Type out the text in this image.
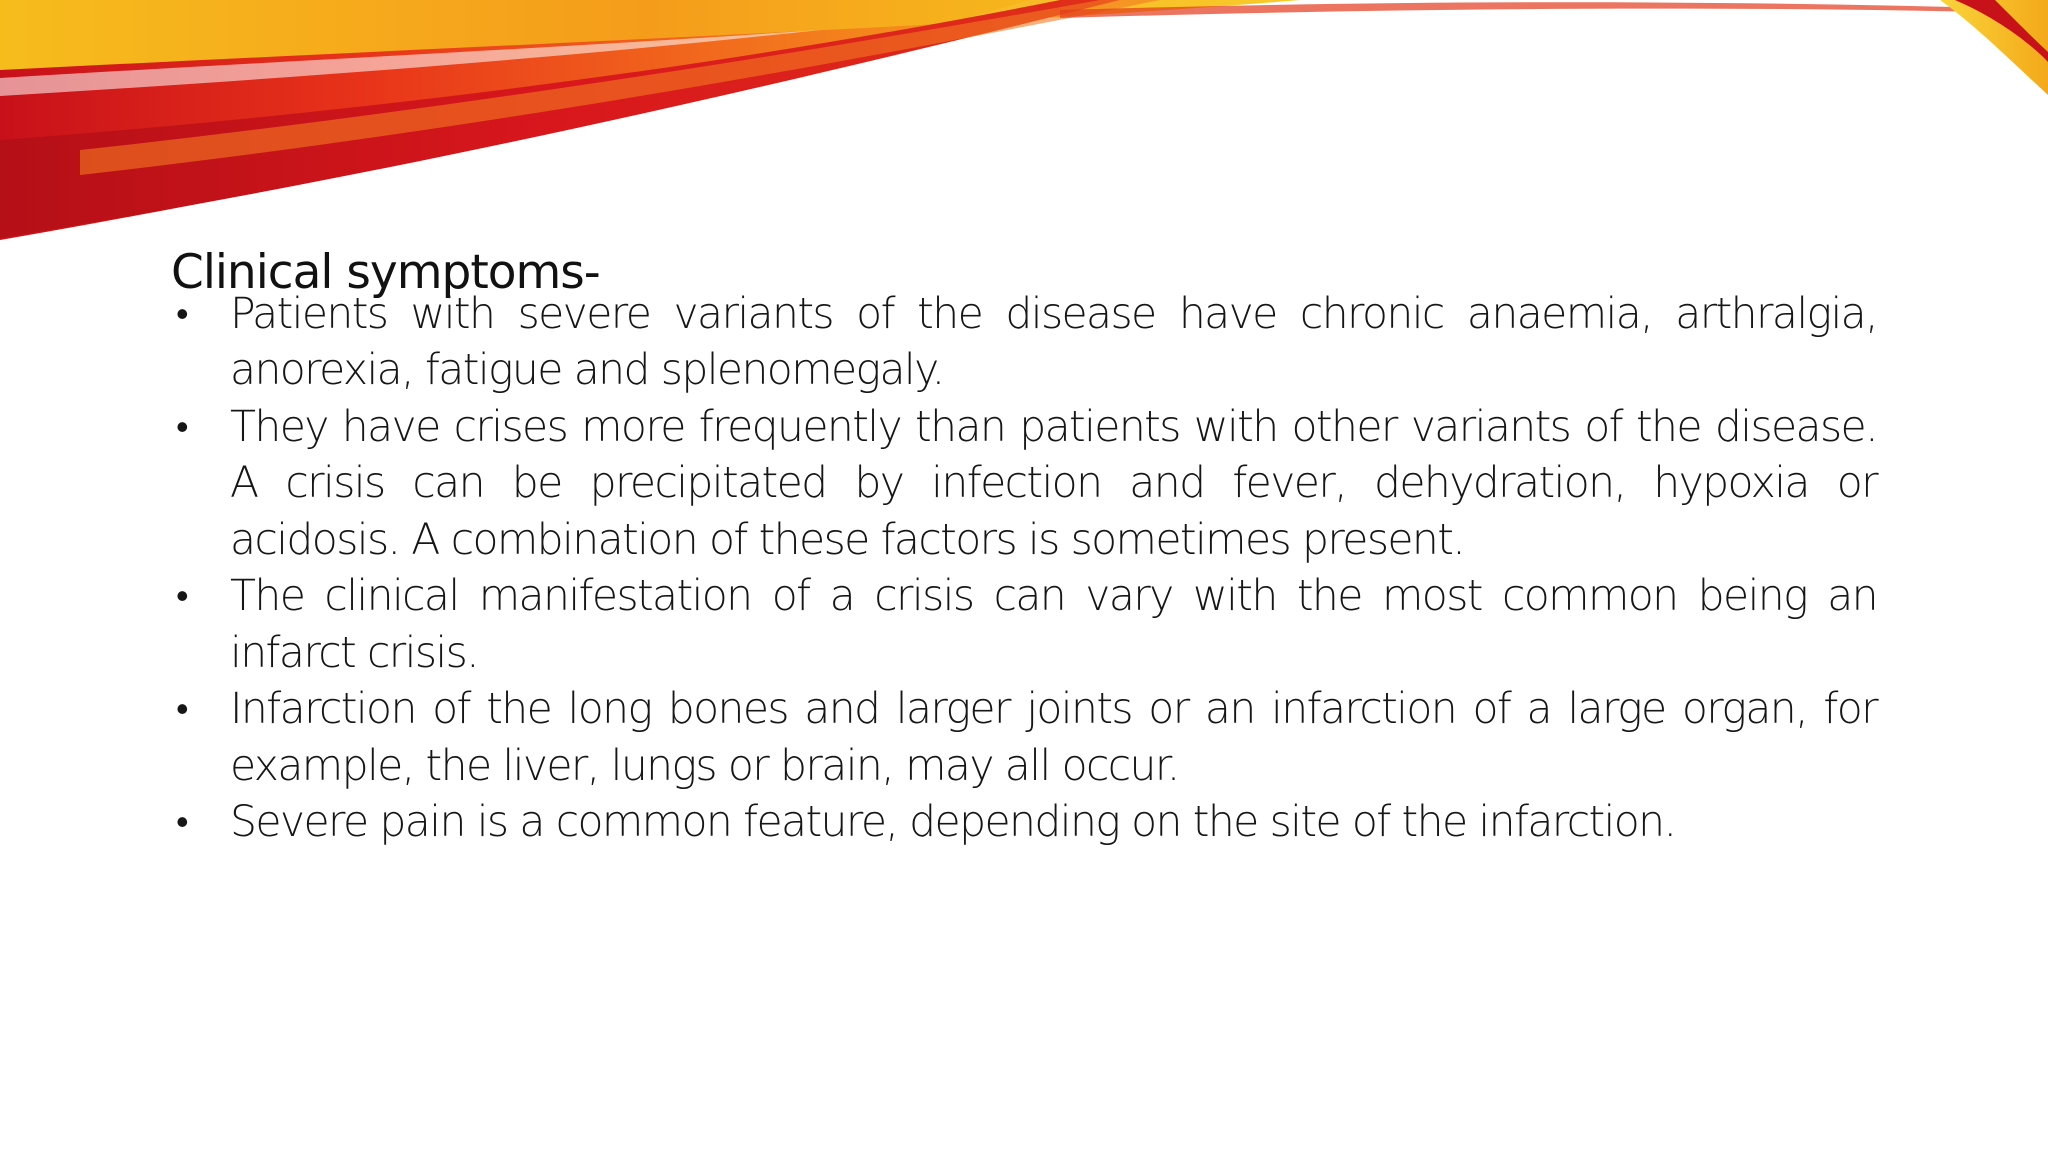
Clinical symptoms-
• Patients with severe variants of the disease have chronic anaemia, arthralgia, anorexia, fatigue and splenomegaly.
• They have crises more frequently than patients with other variants of the disease. A crisis can be precipitated by infection and fever, dehydration, hypoxia or acidosis. A combination of these factors is sometimes present.
• The clinical manifestation of a crisis can vary with the most common being an infarct crisis.
• Infarction of the long bones and larger joints or an infarction of a large organ, for example, the liver, lungs or brain, may all occur.
• Severe pain is a common feature, depending on the site of the infarction.
